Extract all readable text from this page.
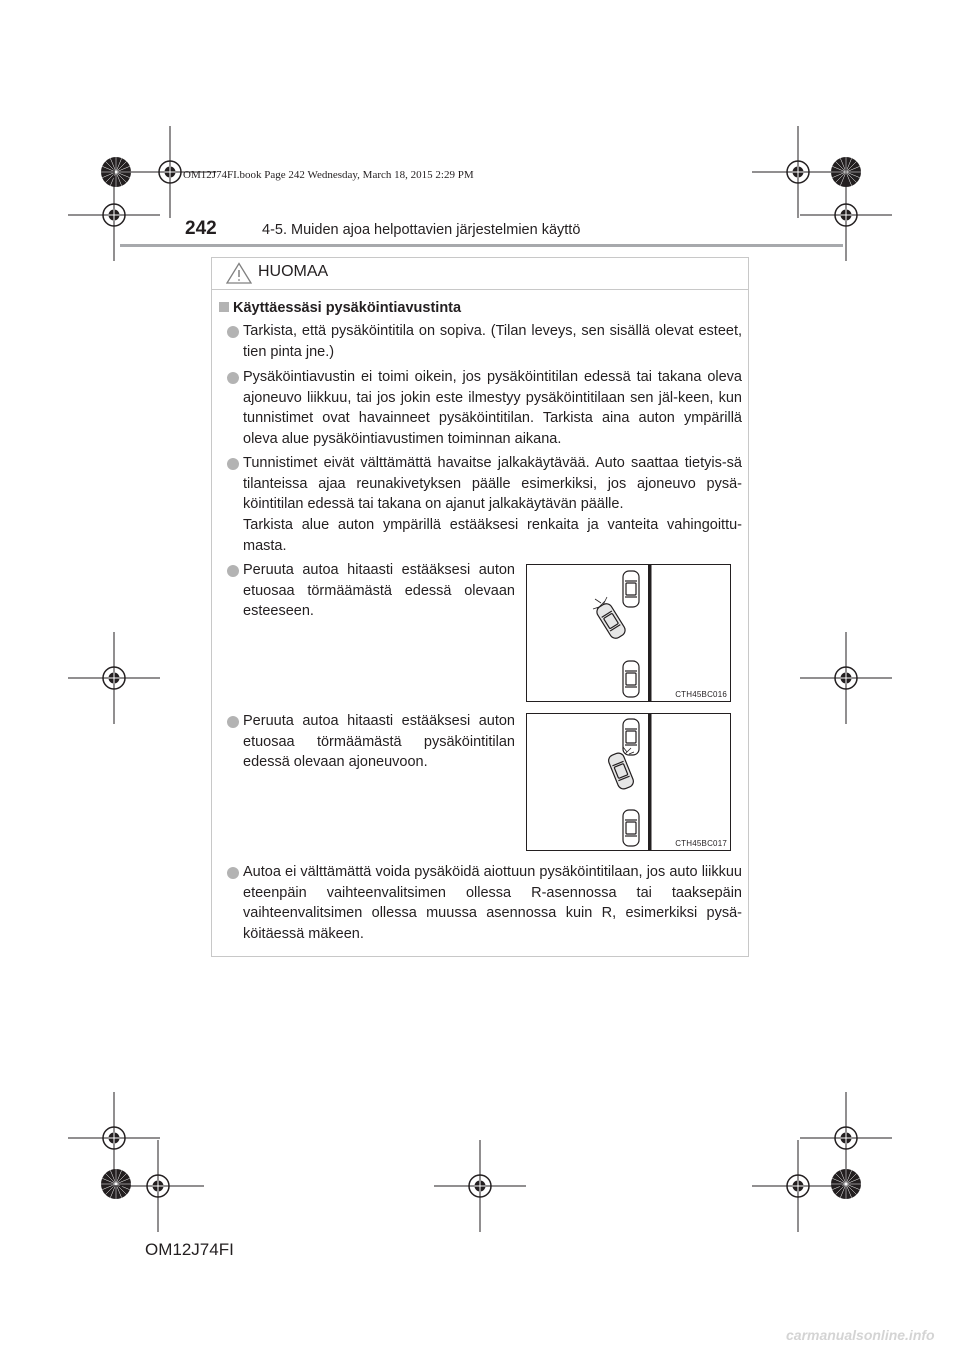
OM12J74FI.book Page 242 Wednesday, March 18, 2015 2:29 PM
242	4-5. Muiden ajoa helpottavien järjestelmien käyttö
HUOMAA
Käyttäessäsi pysäköintiavustinta
Tarkista, että pysäköintitila on sopiva. (Tilan leveys, sen sisällä olevat esteet, tien pinta jne.)
Pysäköintiavustin ei toimi oikein, jos pysäköintitilan edessä tai takana oleva ajoneuvo liikkuu, tai jos jokin este ilmestyy pysäköintitilaan sen jäl-keen, kun tunnistimet ovat havainneet pysäköintitilan. Tarkista aina auton ympärillä oleva alue pysäköintiavustimen toiminnan aikana.
Tunnistimet eivät välttämättä havaitse jalkakäytävää. Auto saattaa tietyis-sä tilanteissa ajaa reunakivetyksen päälle esimerkiksi, jos ajoneuvo pysä-köintitilan edessä tai takana on ajanut jalkakäytävän päälle.
Tarkista alue auton ympärillä estääksesi renkaita ja vanteita vahingoittu-masta.
Peruuta autoa hitaasti estääksesi auton etuosaa törmäämästä edessä olevaan esteeseen.
CTH45BC016
Peruuta autoa hitaasti estääksesi auton etuosaa törmäämästä pysäköintitilan edessä olevaan ajoneuvoon.
CTH45BC017
Autoa ei välttämättä voida pysäköidä aiottuun pysäköintitilaan, jos auto liikkuu eteenpäin vaihteenvalitsimen ollessa R-asennossa tai taaksepäin vaihteenvalitsimen ollessa muussa asennossa kuin R, esimerkiksi pysä-köitäessä mäkeen.
OM12J74FI
carmanualsonline.info
